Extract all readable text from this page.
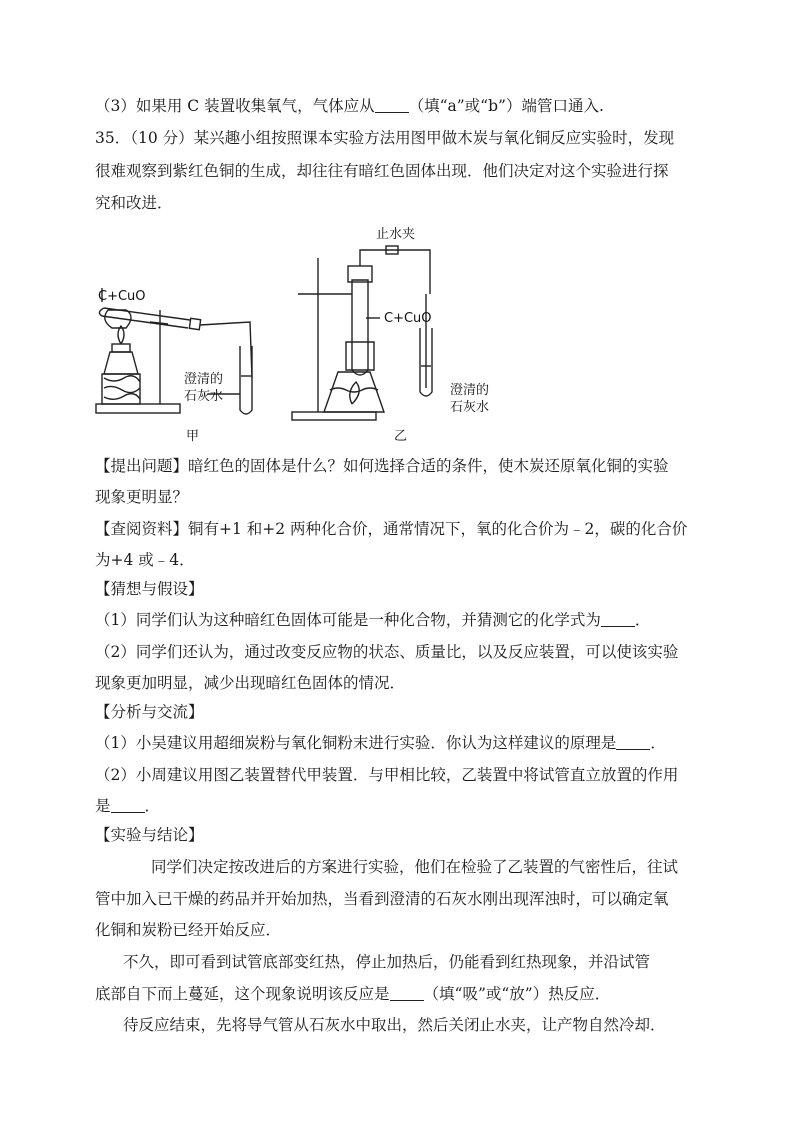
（3）如果用 C 装置收集氧气，气体应从 （填“a”或“b”）端管口通入.

35．（10 分）某兴趣小组按照课本实验方法用图甲做木炭与氧化铜反应实验时，发现

很难观察到紫红色铜的生成，却往往有暗红色固体出现．他们决定对这个实验进行探

究和改进．

C+CuO
澄清的
石灰水
甲
止水夹
C+CuO
澄清的
石灰水
乙

【提出问题】暗红色的固体是什么？如何选择合适的条件，使木炭还原氧化铜的实验

现象更明显？

【查阅资料】铜有+1 和+2 两种化合价，通常情况下，氧的化合价为﹣2，碳的化合价

为+4 或﹣4．

【猜想与假设】

（1）同学们认为这种暗红色固体可能是一种化合物，并猜测它的化学式为 ．

（2）同学们还认为，通过改变反应物的状态、质量比，以及反应装置，可以使该实验

现象更加明显，减少出现暗红色固体的情况．

【分析与交流】

（1）小吴建议用超细炭粉与氧化铜粉末进行实验．你认为这样建议的原理是 ．

（2）小周建议用图乙装置替代甲装置．与甲相比较，乙装置中将试管直立放置的作用

是 ．

【实验与结论】

同学们决定按改进后的方案进行实验，他们在检验了乙装置的气密性后，往试

管中加入已干燥的药品并开始加热，当看到澄清的石灰水刚出现浑浊时，可以确定氧

化铜和炭粉已经开始反应．

不久，即可看到试管底部变红热，停止加热后，仍能看到红热现象，并沿试管

底部自下而上蔓延，这个现象说明该反应是 （填“吸”或“放”）热反应．

待反应结束，先将导气管从石灰水中取出，然后关闭止水夹，让产物自然冷却．
